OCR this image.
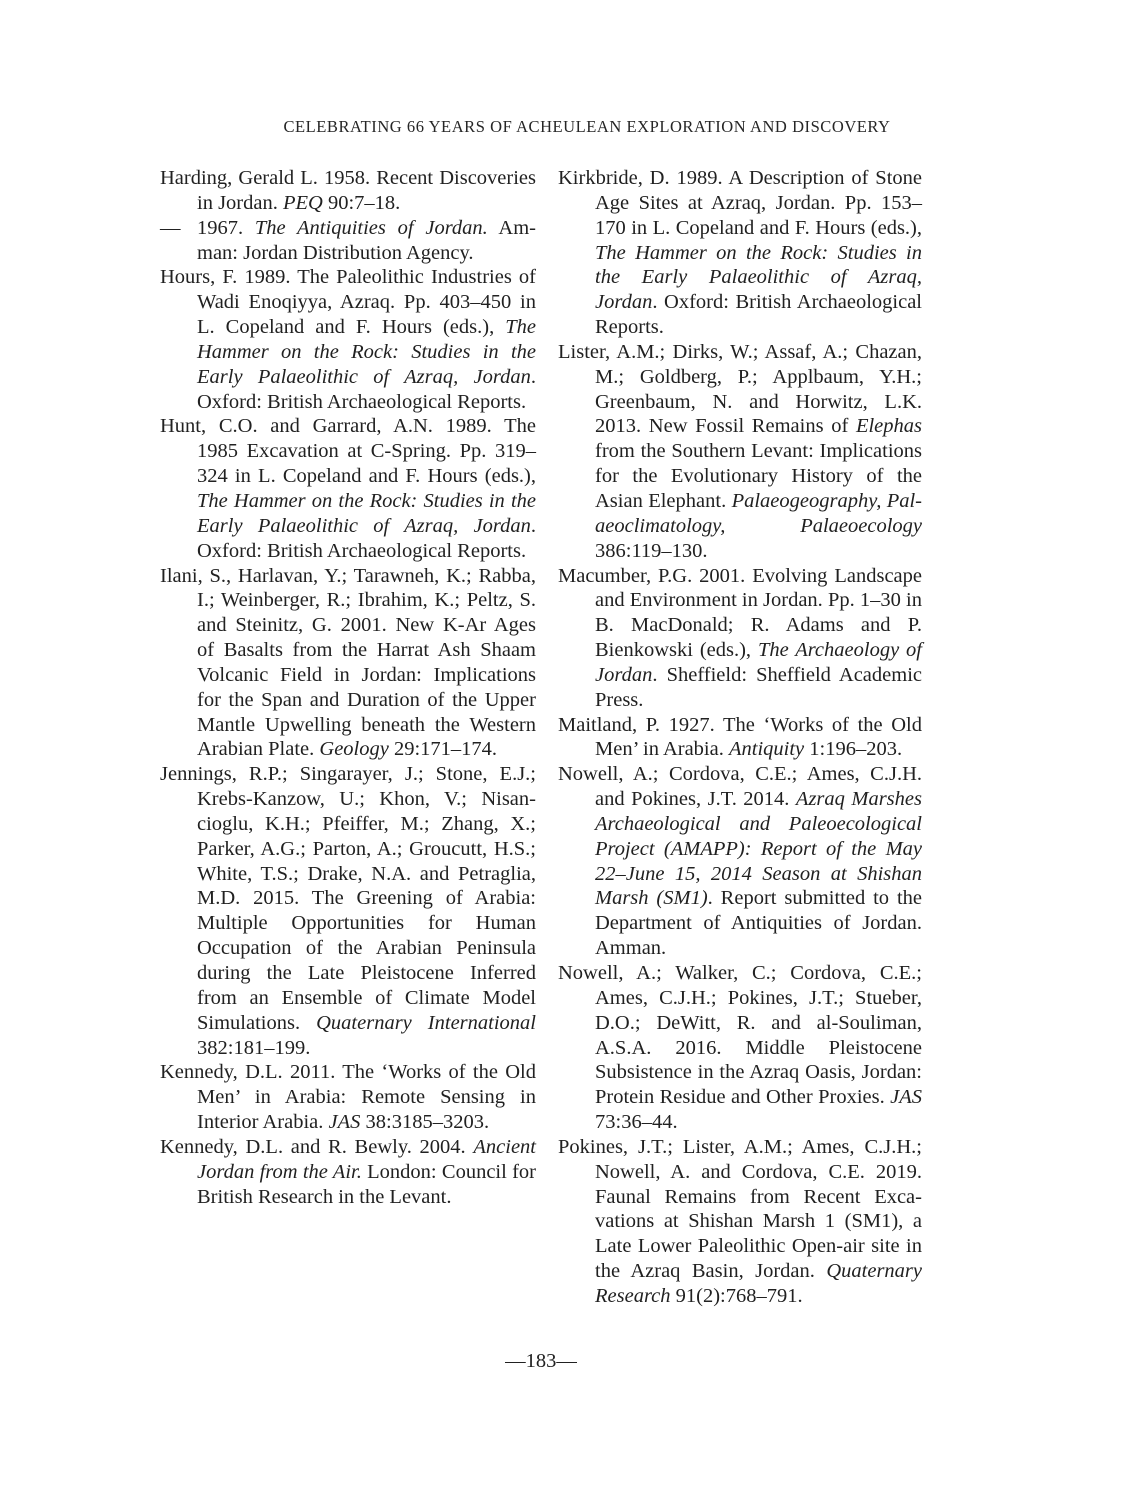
CELEBRATING 66 YEARS OF ACHEULEAN EXPLORATION AND DISCOVERY

Harding, Gerald L. 1958. Recent Discoveries in Jordan. PEQ 90:7–18.

— 1967. The Antiquities of Jordan. Amman: Jordan Distribution Agency.

Hours, F. 1989. The Paleolithic Industries of Wadi Enoqiyya, Azraq. Pp. 403–450 in L. Copeland and F. Hours (eds.), The Hammer on the Rock: Studies in the Early Palaeolithic of Azraq, Jordan. Oxford: British Archaeological Reports.

Hunt, C.O. and Garrard, A.N. 1989. The 1985 Excavation at C-Spring. Pp. 319–324 in L. Copeland and F. Hours (eds.), The Hammer on the Rock: Studies in the Early Palaeolithic of Azraq, Jordan. Oxford: British Archaeological Reports.

Ilani, S., Harlavan, Y.; Tarawneh, K.; Rabba, I.; Weinberger, R.; Ibrahim, K.; Peltz, S. and Steinitz, G. 2001. New K-Ar Ages of Basalts from the Harrat Ash Shaam Volcanic Field in Jordan: Implications for the Span and Duration of the Upper Mantle Upwelling beneath the Western Arabian Plate. Geology 29:171–174.

Jennings, R.P.; Singarayer, J.; Stone, E.J.; Krebs-Kanzow, U.; Khon, V.; Nisancioglu, K.H.; Pfeiffer, M.; Zhang, X.; Parker, A.G.; Parton, A.; Groucutt, H.S.; White, T.S.; Drake, N.A. and Petraglia, M.D. 2015. The Greening of Arabia: Multiple Opportunities for Human Occupation of the Arabian Peninsula during the Late Pleistocene Inferred from an Ensemble of Climate Model Simulations. Quaternary International 382:181–199.

Kennedy, D.L. 2011. The ‘Works of the Old Men’ in Arabia: Remote Sensing in Interior Arabia. JAS 38:3185–3203.

Kennedy, D.L. and R. Bewly. 2004. Ancient Jordan from the Air. London: Council for British Research in the Levant.

Kirkbride, D. 1989. A Description of Stone Age Sites at Azraq, Jordan. Pp. 153–170 in L. Copeland and F. Hours (eds.), The Hammer on the Rock: Studies in the Early Palaeolithic of Azraq, Jordan. Oxford: British Archaeological Reports.

Lister, A.M.; Dirks, W.; Assaf, A.; Chazan, M.; Goldberg, P.; Applbaum, Y.H.; Greenbaum, N. and Horwitz, L.K. 2013. New Fossil Remains of Elephas from the Southern Levant: Implications for the Evolutionary History of the Asian Elephant. Palaeogeography, Palaeoclimatology, Palaeoecology 386:119–130.

Macumber, P.G. 2001. Evolving Landscape and Environment in Jordan. Pp. 1–30 in B. MacDonald; R. Adams and P. Bienkowski (eds.), The Archaeology of Jordan. Sheffield: Sheffield Academic Press.

Maitland, P. 1927. The ‘Works of the Old Men’ in Arabia. Antiquity 1:196–203.

Nowell, A.; Cordova, C.E.; Ames, C.J.H. and Pokines, J.T. 2014. Azraq Marshes Archaeological and Paleoecological Project (AMAPP): Report of the May 22–June 15, 2014 Season at Shishan Marsh (SM1). Report submitted to the Department of Antiquities of Jordan. Amman.

Nowell, A.; Walker, C.; Cordova, C.E.; Ames, C.J.H.; Pokines, J.T.; Stueber, D.O.; DeWitt, R. and al-Souliman, A.S.A. 2016. Middle Pleistocene Subsistence in the Azraq Oasis, Jordan: Protein Residue and Other Proxies. JAS 73:36–44.

Pokines, J.T.; Lister, A.M.; Ames, C.J.H.; Nowell, A. and Cordova, C.E. 2019. Faunal Remains from Recent Excavations at Shishan Marsh 1 (SM1), a Late Lower Paleolithic Open-air site in the Azraq Basin, Jordan. Quaternary Research 91(2):768–791.

—183—
